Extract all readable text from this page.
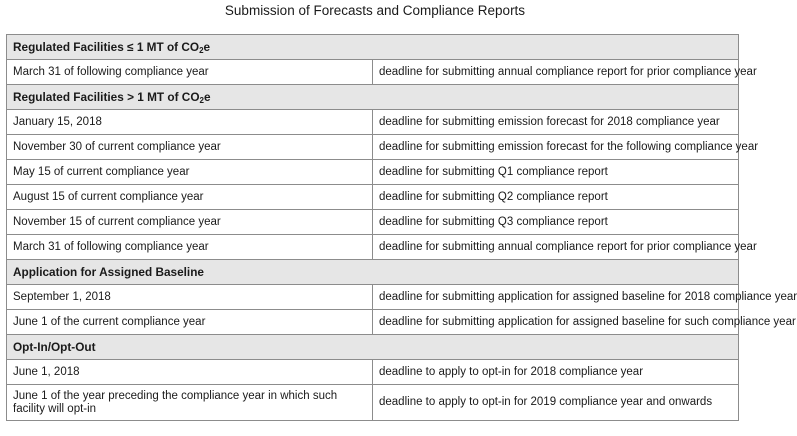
Submission of Forecasts and Compliance Reports
Regulated Facilities ≤ 1 MT of $CO_2e$	
March 31 of following compliance year	deadline for submitting annual compliance report for prior compliance year
Regulated Facilities > 1 MT of $CO_2e$	
January 15, 2018	deadline for submitting emission forecast for 2018 compliance year
November 30 of current compliance year	deadline for submitting emission forecast for the following compliance year
May 15 of current compliance year	deadline for submitting Q1 compliance report
August 15 of current compliance year	deadline for submitting Q2 compliance report
November 15 of current compliance year	deadline for submitting Q3 compliance report
March 31 of following compliance year	deadline for submitting annual compliance report for prior compliance year
Application for Assigned Baseline	
September 1, 2018	deadline for submitting application for assigned baseline for 2018 compliance year
June 1 of the current compliance year	deadline for submitting application for assigned baseline for such compliance year
Opt-In/Opt-Out	
June 1, 2018	deadline to apply to opt-in for 2018 compliance year
June 1 of the year preceding the compliance year in which such facility will opt-in	deadline to apply to opt-in for 2019 compliance year and onwards
